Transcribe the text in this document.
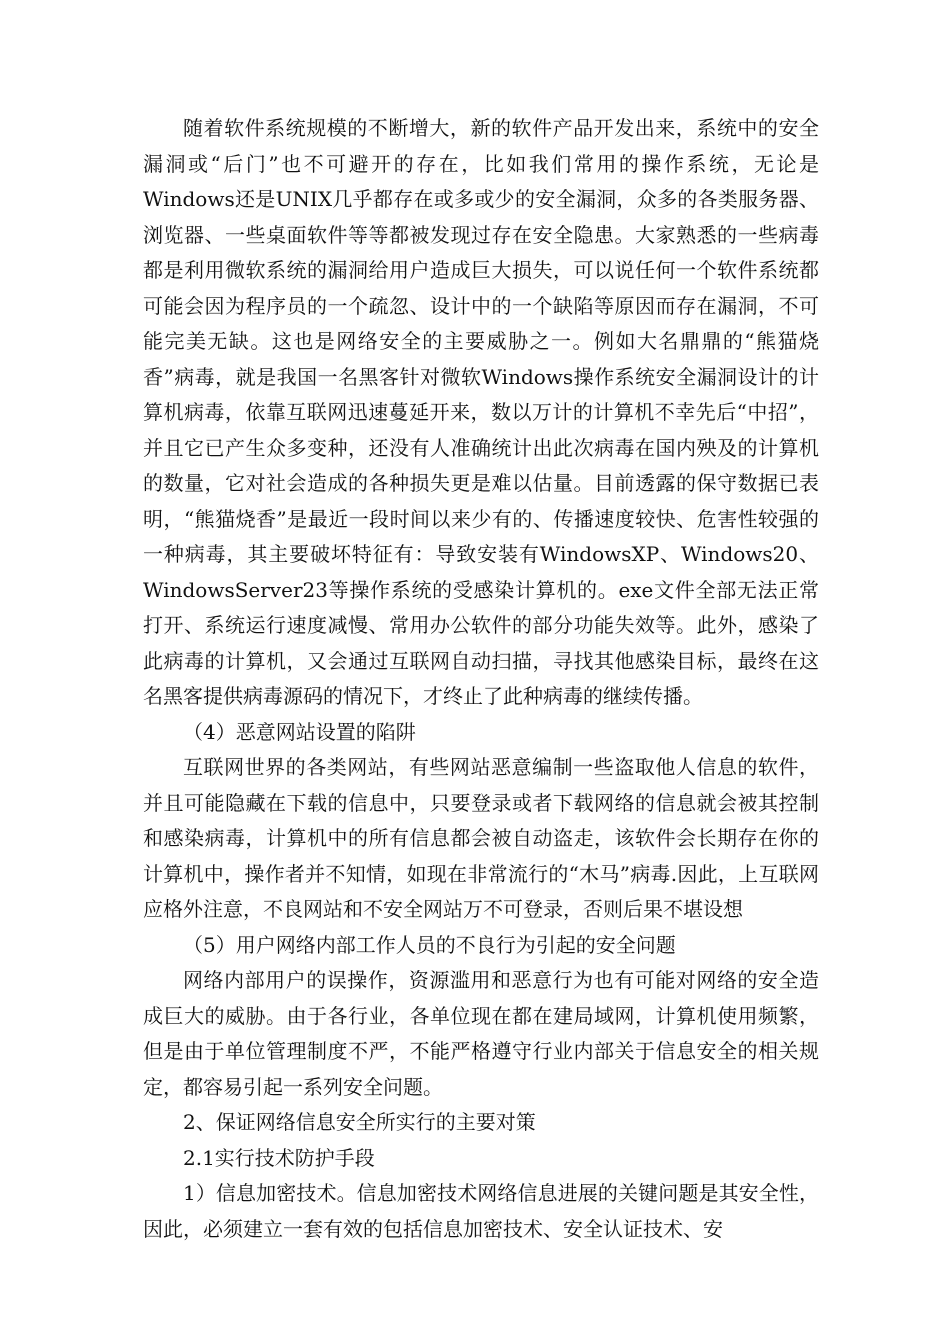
随着软件系统规模的不断增大，新的软件产品开发出来，系统中的安全漏洞或“后门”也不可避开的存在，比如我们常用的操作系统，无论是Windows还是UNIX几乎都存在或多或少的安全漏洞，众多的各类服务器、浏览器、一些桌面软件等等都被发现过存在安全隐患。大家熟悉的一些病毒都是利用微软系统的漏洞给用户造成巨大损失，可以说任何一个软件系统都可能会因为程序员的一个疏忽、设计中的一个缺陷等原因而存在漏洞，不可能完美无缺。这也是网络安全的主要威胁之一。例如大名鼎鼎的“熊猫烧香”病毒，就是我国一名黑客针对微软Windows操作系统安全漏洞设计的计算机病毒，依靠互联网迅速蔓延开来，数以万计的计算机不幸先后“中招”，并且它已产生众多变种，还没有人准确统计出此次病毒在国内殃及的计算机的数量，它对社会造成的各种损失更是难以估量。目前透露的保守数据已表明，“熊猫烧香”是最近一段时间以来少有的、传播速度较快、危害性较强的一种病毒，其主要破坏特征有：导致安装有WindowsXP、Windows20、WindowsServer23等操作系统的受感染计算机的。exe文件全部无法正常打开、系统运行速度减慢、常用办公软件的部分功能失效等。此外，感染了此病毒的计算机，又会通过互联网自动扫描，寻找其他感染目标，最终在这名黑客提供病毒源码的情况下，才终止了此种病毒的继续传播。

（4）恶意网站设置的陷阱

互联网世界的各类网站，有些网站恶意编制一些盗取他人信息的软件，并且可能隐藏在下载的信息中，只要登录或者下载网络的信息就会被其控制和感染病毒，计算机中的所有信息都会被自动盗走，该软件会长期存在你的计算机中，操作者并不知情，如现在非常流行的“木马”病毒.因此，上互联网应格外注意，不良网站和不安全网站万不可登录，否则后果不堪设想

（5）用户网络内部工作人员的不良行为引起的安全问题

网络内部用户的误操作，资源滥用和恶意行为也有可能对网络的安全造成巨大的威胁。由于各行业，各单位现在都在建局域网，计算机使用频繁，但是由于单位管理制度不严，不能严格遵守行业内部关于信息安全的相关规定，都容易引起一系列安全问题。

2、保证网络信息安全所实行的主要对策

2.1实行技术防护手段

1）信息加密技术。信息加密技术网络信息进展的关键问题是其安全性，因此，必须建立一套有效的包括信息加密技术、安全认证技术、安
